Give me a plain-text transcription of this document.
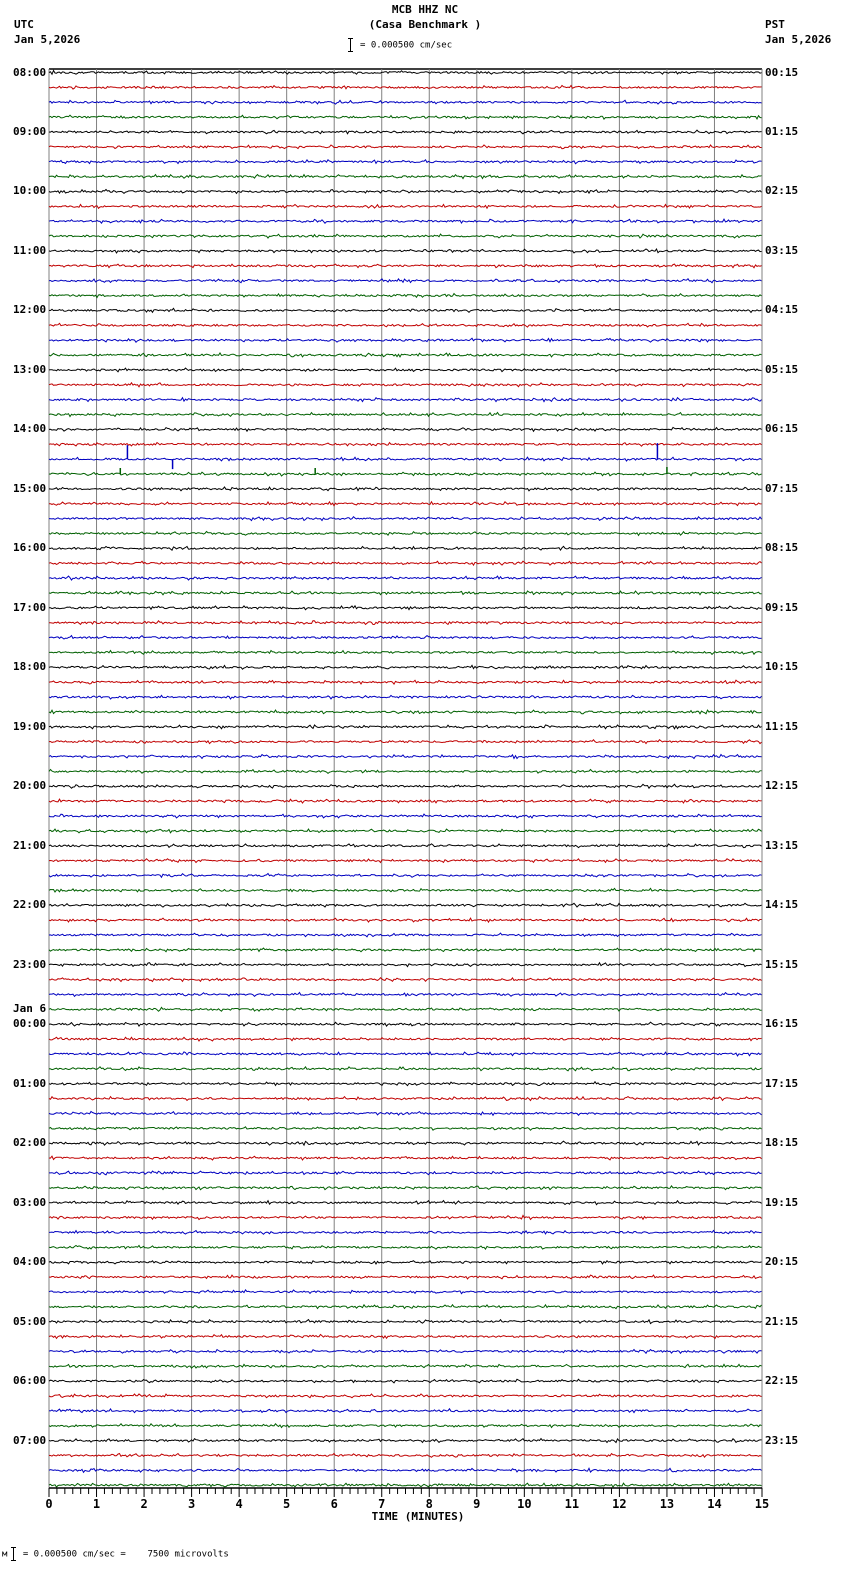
MCB HHZ NC
(Casa Benchmark )
UTC
Jan 5,2026
PST
Jan 5,2026
= 0.000500 cm/sec
08:00	00:15
09:00	01:15
10:00	02:15
11:00	03:15
12:00	04:15
13:00	05:15
14:00	06:15
15:00	07:15
16:00	08:15
17:00	09:15
18:00	10:15
19:00	11:15
20:00	12:15
21:00	13:15
22:00	14:15
23:00	15:15
00:00	16:15
01:00	17:15
02:00	18:15
03:00	19:15
04:00	20:15
05:00	21:15
06:00	22:15
07:00	23:15
Jan 6
0	1	2	3	4	5	6	7	8	9	10	11	12	13	14	15
TIME (MINUTES)
м = 0.000500 cm/sec =    7500 microvolts
